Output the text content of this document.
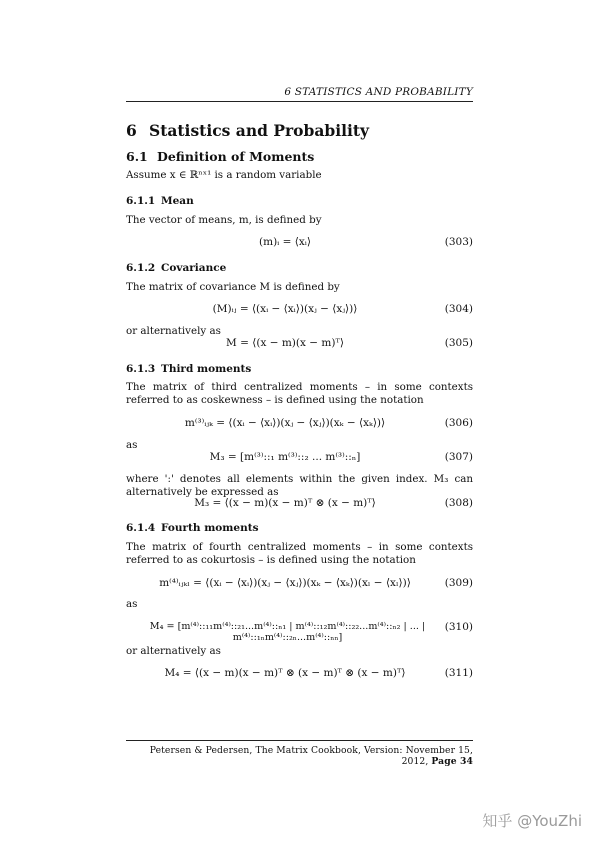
6 STATISTICS AND PROBABILITY
6 Statistics and Probability
6.1 Definition of Moments
Assume x ∈ ℝⁿˣ¹ is a random variable
6.1.1 Mean
The vector of means, m, is defined by
(m)ᵢ = ⟨xᵢ⟩	(303)
6.1.2 Covariance
The matrix of covariance M is defined by
(M)ᵢⱼ = ⟨(xᵢ − ⟨xᵢ⟩)(xⱼ − ⟨xⱼ⟩)⟩	(304)
or alternatively as
M = ⟨(x − m)(x − m)ᵀ⟩	(305)
6.1.3 Third moments
The matrix of third centralized moments – in some contexts referred to as coskewness – is defined using the notation
m⁽³⁾ᵢⱼₖ = ⟨(xᵢ − ⟨xᵢ⟩)(xⱼ − ⟨xⱼ⟩)(xₖ − ⟨xₖ⟩)⟩	(306)
as
M₃ = [m⁽³⁾::₁ m⁽³⁾::₂ ... m⁽³⁾::ₙ]	(307)
where ':' denotes all elements within the given index. M₃ can alternatively be expressed as
M₃ = ⟨(x − m)(x − m)ᵀ ⊗ (x − m)ᵀ⟩	(308)
6.1.4 Fourth moments
The matrix of fourth centralized moments – in some contexts referred to as cokurtosis – is defined using the notation
m⁽⁴⁾ᵢⱼₖₗ = ⟨(xᵢ − ⟨xᵢ⟩)(xⱼ − ⟨xⱼ⟩)(xₖ − ⟨xₖ⟩)(xₗ − ⟨xₗ⟩)⟩	(309)
as
M₄ = [m⁽⁴⁾::₁₁m⁽⁴⁾::₂₁...m⁽⁴⁾::ₙ₁ | m⁽⁴⁾::₁₂m⁽⁴⁾::₂₂...m⁽⁴⁾::ₙ₂ | ... | m⁽⁴⁾::₁ₙm⁽⁴⁾::₂ₙ...m⁽⁴⁾::ₙₙ]
(310)
or alternatively as
M₄ = ⟨(x − m)(x − m)ᵀ ⊗ (x − m)ᵀ ⊗ (x − m)ᵀ⟩	(311)
Petersen & Pedersen, The Matrix Cookbook, Version: November 15, 2012, Page 34
知乎 @YouZhi
